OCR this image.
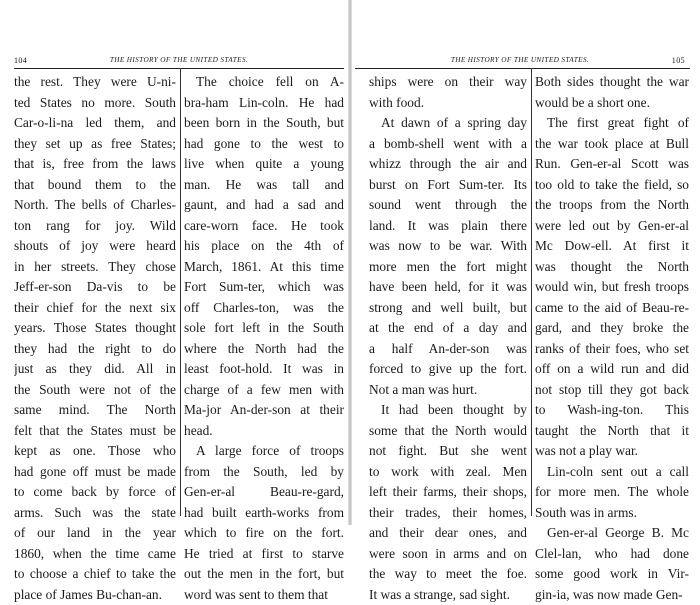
104	THE HISTORY OF THE UNITED STATES.
the rest. They were U-ni-
ted States no more. South
Car-o-li-na led them, and
they set up as free States;
that is, free from the laws
that bound them to the
North. The bells of Charles-
ton rang for joy. Wild
shouts of joy were heard
in her streets. They chose
Jeff-er-son Da-vis to be
their chief for the next six
years. Those States thought
they had the right to do
just as they did. All in
the South were not of the
same mind. The North
felt that the States must be
kept as one. Those who
had gone off must be made
to come back by force of
arms. Such was the state
of our land in the year
1860, when the time came
to choose a chief to take the
place of James Bu-chan-an.
The choice fell on A-
bra-ham Lin-coln. He had
been born in the South, but
had gone to the west to
live when quite a young
man. He was tall and
gaunt, and had a sad and
care-worn face. He took
his place on the 4th of
March, 1861. At this time
Fort Sum-ter, which was
off Charles-ton, was the
sole fort left in the South
where the North had the
least foot-hold. It was in
charge of a few men with
Ma-jor An-der-son at their
head.
A large force of troops
from the South, led by
Gen-er-al Beau-re-gard,
had built earth-works from
which to fire on the fort.
He tried at first to starve
out the men in the fort, but
word was sent to them that
THE HISTORY OF THE UNITED STATES.	105
ships were on their way
with food.
At dawn of a spring day
a bomb-shell went with a
whizz through the air and
burst on Fort Sum-ter. Its
sound went through the
land. It was plain there
was now to be war. With
more men the fort might
have been held, for it was
strong and well built, but
at the end of a day and
a half An-der-son was
forced to give up the fort.
Not a man was hurt.
It had been thought by
some that the North would
not fight. But she went
to work with zeal. Men
left their farms, their shops,
their trades, their homes,
and their dear ones, and
were soon in arms and on
the way to meet the foe.
It was a strange, sad sight.
Both sides thought the war
would be a short one.
The first great fight of
the war took place at Bull
Run. Gen-er-al Scott was
too old to take the field, so
the troops from the North
were led out by Gen-er-al
Mc Dow-ell. At first it
was thought the North
would win, but fresh troops
came to the aid of Beau-re-
gard, and they broke the
ranks of their foes, who set
off on a wild run and did
not stop till they got back
to Wash-ing-ton. This
taught the North that it
was not a play war.
Lin-coln sent out a call
for more men. The whole
South was in arms.
Gen-er-al George B. Mc
Clel-lan, who had done
some good work in Vir-
gin-ia, was now made Gen-
